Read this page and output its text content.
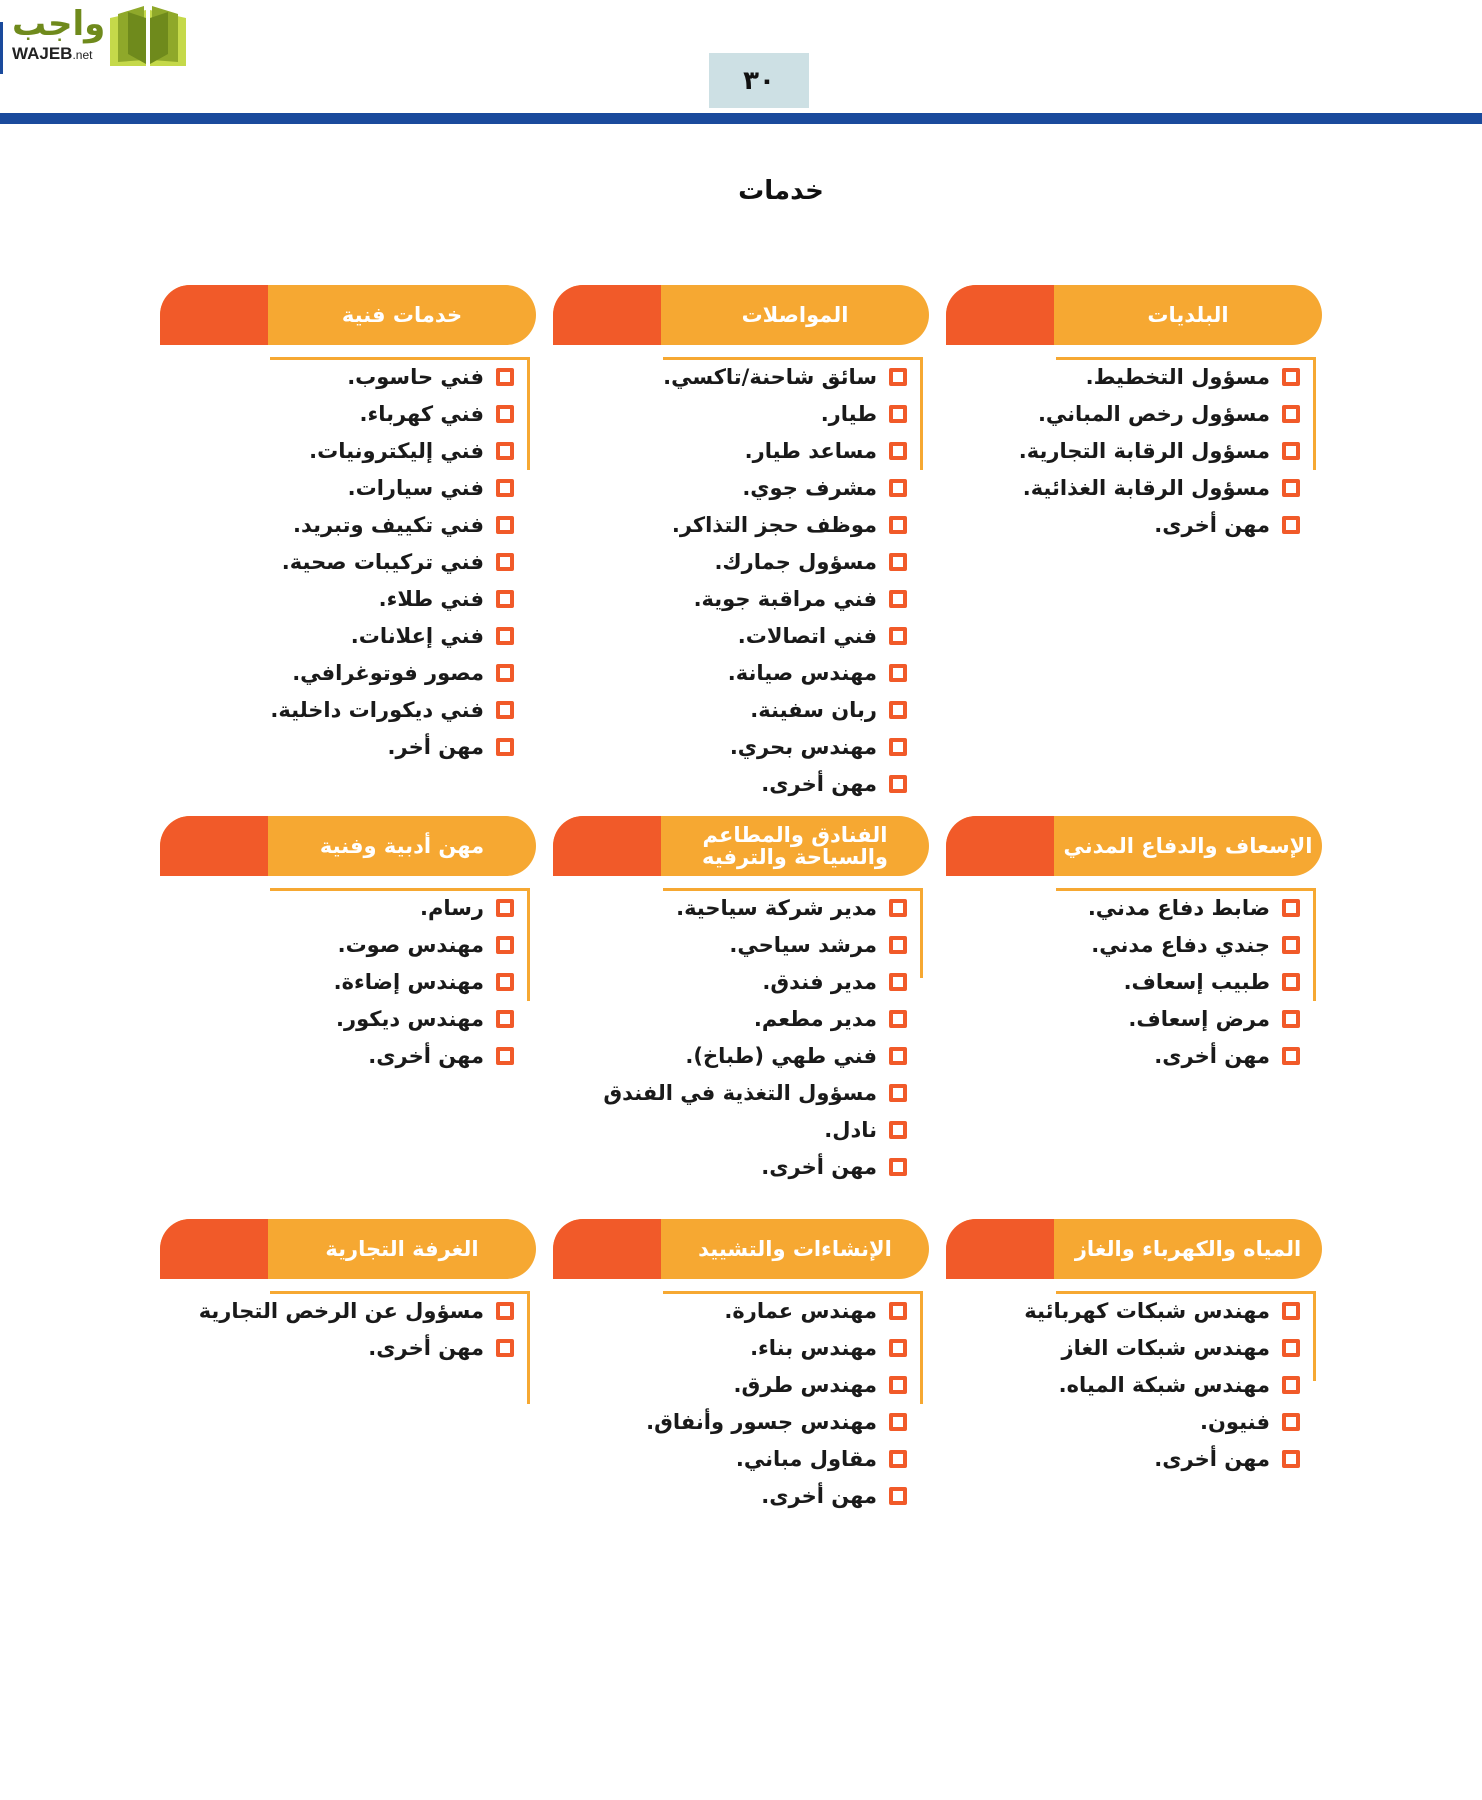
واجب
WAJEB.net
٣٠
خدمات
البلديات
مسؤول التخطيط.
مسؤول رخص المباني.
مسؤول الرقابة التجارية.
مسؤول الرقابة الغذائية.
مهن أخرى.
المواصلات
سائق شاحنة/تاكسي.
طيار.
مساعد طيار.
مشرف جوي.
موظف حجز التذاكر.
مسؤول جمارك.
فني مراقبة جوية.
فني اتصالات.
مهندس صيانة.
ربان سفينة.
مهندس بحري.
مهن أخرى.
خدمات فنية
فني حاسوب.
فني كهرباء.
فني إليكترونيات.
فني سيارات.
فني تكييف وتبريد.
فني تركيبات صحية.
فني طلاء.
فني إعلانات.
مصور فوتوغرافي.
فني ديكورات داخلية.
مهن أخر.
الإسعاف والدفاع المدني
ضابط دفاع مدني.
جندي دفاع مدني.
طبيب إسعاف.
مرض إسعاف.
مهن أخرى.
الفنادق والمطاعم والسياحة والترفيه
مدير شركة سياحية.
مرشد سياحي.
مدير فندق.
مدير مطعم.
فني طهي (طباخ).
مسؤول التغذية في الفندق
نادل.
مهن أخرى.
مهن أدبية وفنية
رسام.
مهندس صوت.
مهندس إضاءة.
مهندس ديكور.
مهن أخرى.
المياه والكهرباء والغاز
مهندس شبكات كهربائية
مهندس شبكات الغاز
مهندس شبكة المياه.
فنيون.
مهن أخرى.
الإنشاءات والتشييد
مهندس عمارة.
مهندس بناء.
مهندس طرق.
مهندس جسور وأنفاق.
مقاول مباني.
مهن أخرى.
الغرفة التجارية
مسؤول عن الرخص التجارية
مهن أخرى.
